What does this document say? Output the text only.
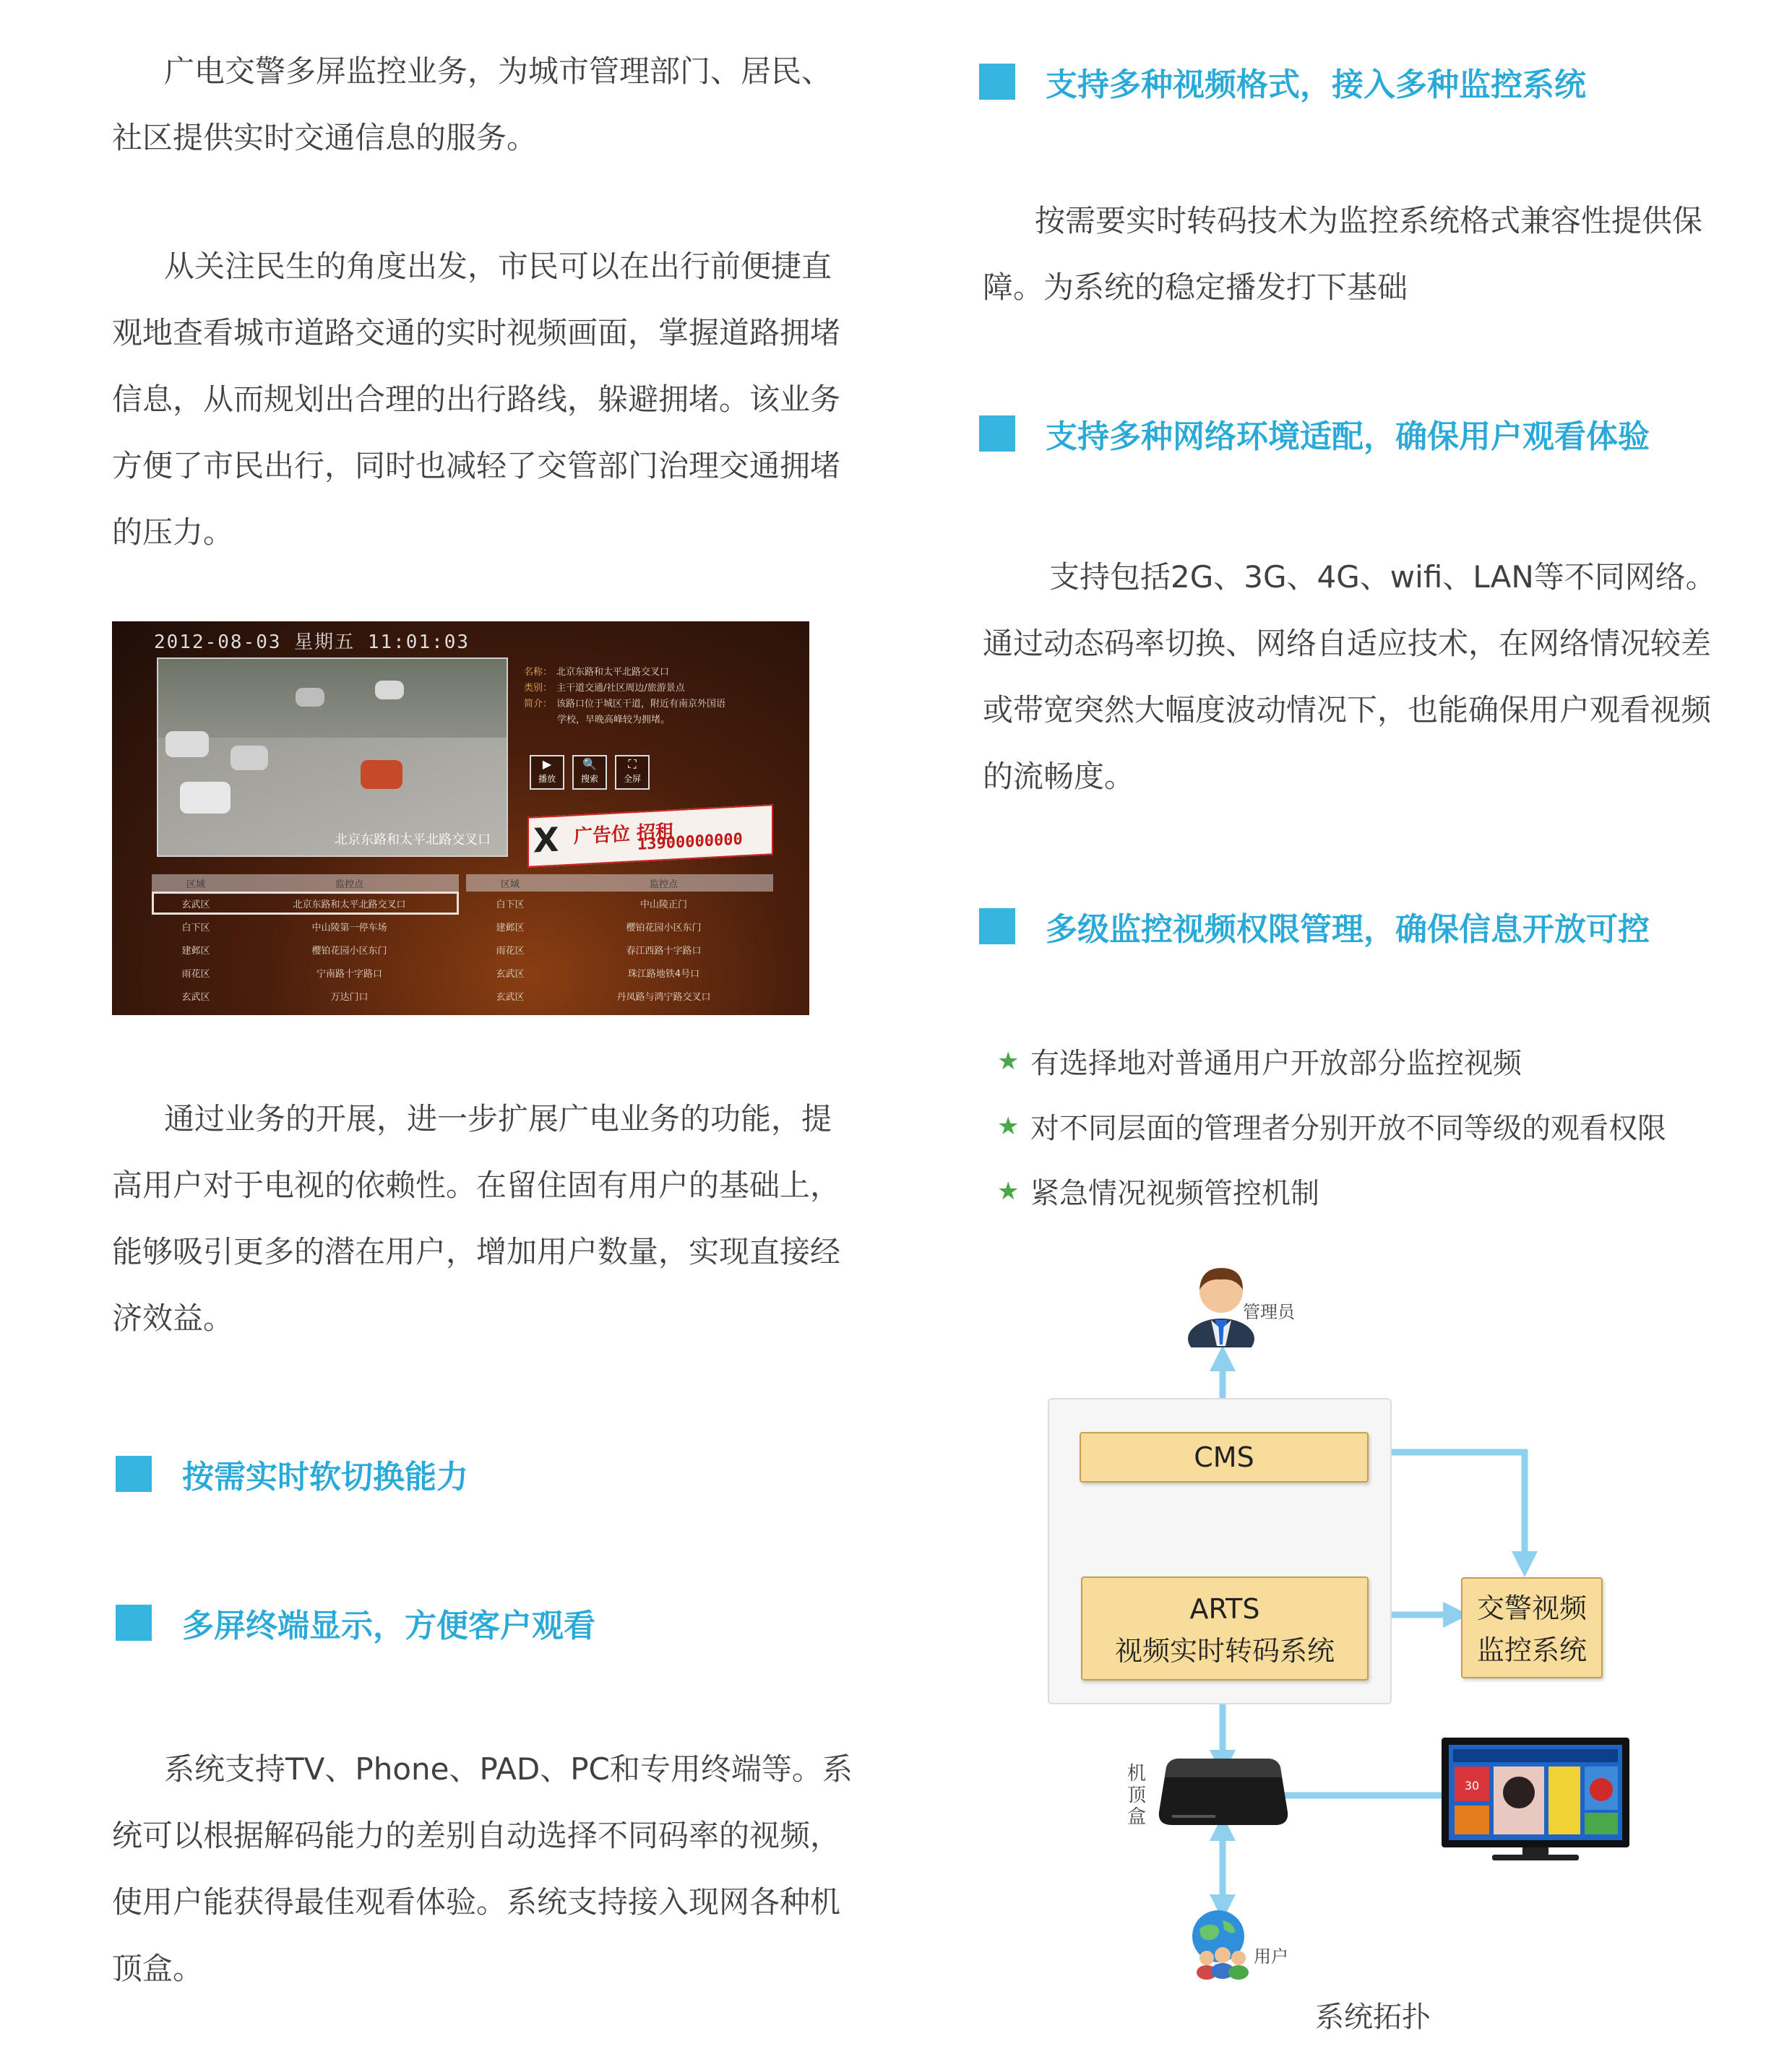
广电交警多屏监控业务，为城市管理部门、居民、
社区提供实时交通信息的服务。
从关注民生的角度出发，市民可以在出行前便捷直
观地查看城市道路交通的实时视频画面，掌握道路拥堵
信息，从而规划出合理的出行路线，躲避拥堵。该业务
方便了市民出行，同时也减轻了交管部门治理交通拥堵
的压力。
2012-08-03 星期五 11:01:03
北京东路和太平北路交叉口
名称： 北京东路和太平北路交叉口
类别： 主干道交通/社区周边/旅游景点
简介： 该路口位于城区干道，附近有南京外国语
学校，早晚高峰较为拥堵。
▶
播放
🔍
搜索
⛶
全屏
X 广告位 招租
13900000000
区域	监控点
玄武区	北京东路和太平北路交叉口
白下区	中山陵第一停车场
建邺区	樱铂花园小区东门
雨花区	宁南路十字路口
玄武区	万达门口
区域	监控点
白下区	中山陵正门
建邺区	樱铂花园小区东门
雨花区	春江西路十字路口
玄武区	珠江路地铁4号口
玄武区	丹凤路与鸿宁路交叉口
通过业务的开展，进一步扩展广电业务的功能，提
高用户对于电视的依赖性。在留住固有用户的基础上，
能够吸引更多的潜在用户，增加用户数量，实现直接经
济效益。
按需实时软切换能力
多屏终端显示，方便客户观看
系统支持TV、Phone、PAD、PC和专用终端等。系
统可以根据解码能力的差别自动选择不同码率的视频，
使用户能获得最佳观看体验。系统支持接入现网各种机
顶盒。
支持多种视频格式，接入多种监控系统
按需要实时转码技术为监控系统格式兼容性提供保
障。为系统的稳定播发打下基础
支持多种网络环境适配，确保用户观看体验
支持包括2G、3G、4G、wifi、LAN等不同网络。
通过动态码率切换、网络自适应技术，在网络情况较差
或带宽突然大幅度波动情况下，也能确保用户观看视频
的流畅度。
多级监控视频权限管理，确保信息开放可控
★ 有选择地对普通用户开放部分监控视频
★ 对不同层面的管理者分别开放不同等级的观看权限
★ 紧急情况视频管控机制
管理员
CMS
ARTS
视频实时转码系统
交警视频
监控系统
机顶盒
30
用户
系统拓扑
